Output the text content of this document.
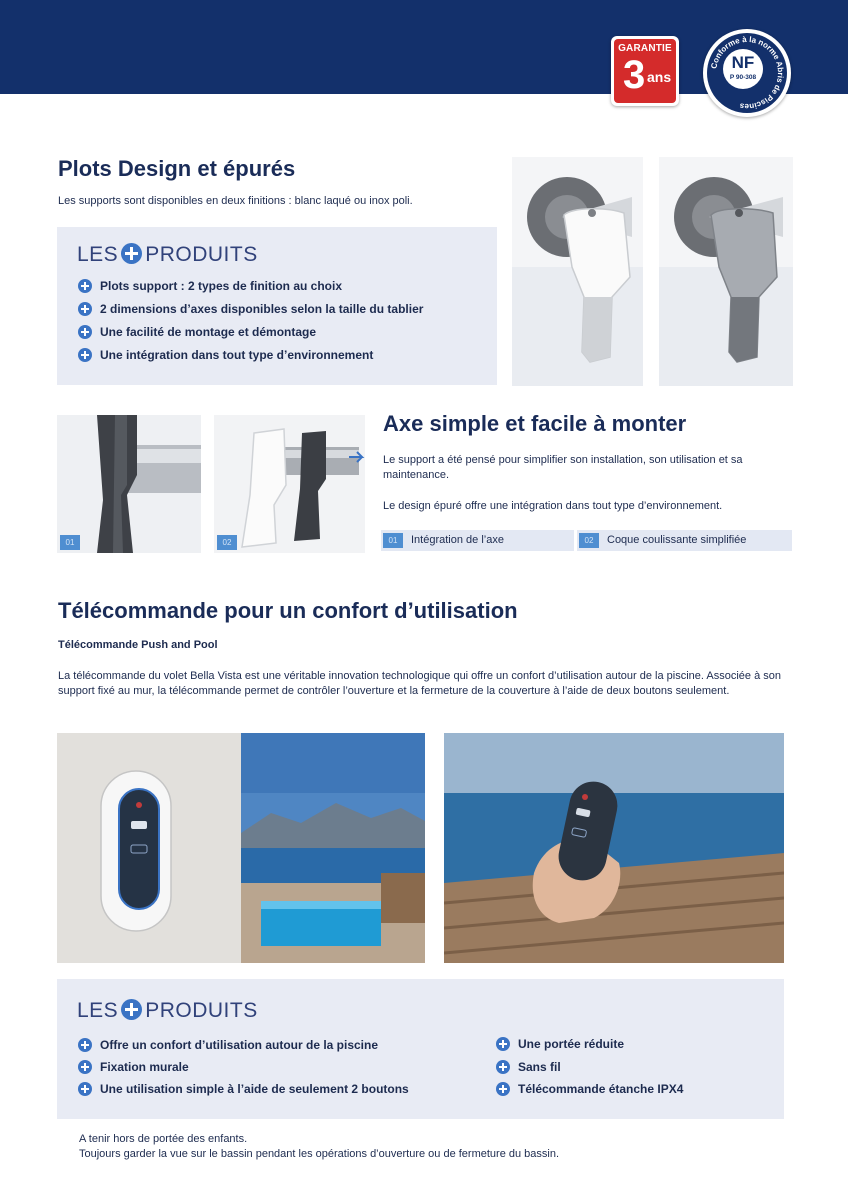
GARANTIE
3 ans
Conforme à la norme Abris de Piscines
NF
P 90-308
Plots Design et épurés

Les supports sont disponibles en deux finitions : blanc laqué ou inox poli.

LES PRODUITS
Plots support : 2 types de finition au choix
2 dimensions d’axes disponibles selon la taille du tablier
Une facilité de montage et démontage
Une intégration dans tout type d’environnement
01	02
Axe simple et facile à monter

Le support a été pensé pour simplifier son installation, son utilisation et sa maintenance.

Le design épuré offre une intégration dans tout type d’environnement.

01 Intégration de l’axe	02 Coque coulissante simplifiée
Télécommande pour un confort d’utilisation

Télécommande Push and Pool

La télécommande du volet Bella Vista est une véritable innovation technologique qui offre un confort d’utilisation autour de la piscine. Associée à son support fixé au mur, la télécommande permet de contrôler l’ouverture et la fermeture de la couverture à l’aide de deux boutons seulement.

LES PRODUITS
Offre un confort d’utilisation autour de la piscine
Fixation murale
Une utilisation simple à l’aide de seulement 2 boutons
Une portée réduite
Sans fil
Télécommande étanche IPX4
A tenir hors de portée des enfants.
Toujours garder la vue sur le bassin pendant les opérations d’ouverture ou de fermeture du bassin.
